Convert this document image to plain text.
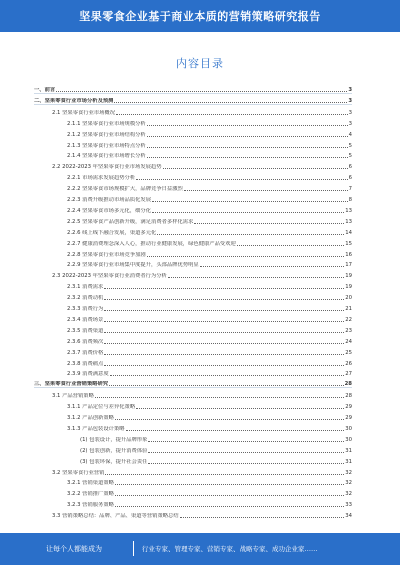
坚果零食企业基于商业本质的营销策略研究报告
内容目录
一、前言	3
二、坚果零食行业市场分析及预测	3
2.1 坚果零食行业市场概况	3
2.1.1 坚果零食行业市场规模分析	3
2.1.2 坚果零食行业市场结构分析	4
2.1.3 坚果零食行业市场特点分析	5
2.1.4 坚果零食行业市场增长分析	5
2.2 2022-2023 年坚果零食行业市场发展趋势	6
2.2.1 市场需求发展趋势分析	6
2.2.2 坚果零食市场规模扩大，品牌竞争日益激烈	7
2.2.3 消费升级推动市场品质化发展	8
2.2.4 坚果零食市场多元化，细分化	13
2.2.5 坚果零食产品创新升级，满足消费者多样化需求	13
2.2.6 线上线下融合发展，渠道多元化	14
2.2.7 健康消费理念深入人心，推动行业健康发展，绿色健康产品受欢迎	15
2.2.8 坚果零食行业市场竞争加剧	16
2.2.9 坚果零食行业市场集中度提升，头部品牌优势明显	17
2.3 2022-2023 年坚果零食行业消费者行为分析	19
2.3.1 消费需求	19
2.3.2 消费动机	20
2.3.3 消费行为	21
2.3.4 消费场景	22
2.3.5 消费渠道	23
2.3.6 消费频次	24
2.3.7 消费价格	25
2.3.8 消费痛点	26
2.3.9 消费满意度	27
三、坚果零食行业营销策略研究	28
3.1 产品营销策略	28
3.1.1 产品定位与差异化策略	29
3.1.2 产品创新策略	29
3.1.3 产品包装设计策略	30
(1) 包装设计，提升品牌形象	30
(2) 包装创新，提升消费体验	31
(3) 包装环保，提升社会责任	31
3.2 坚果零食行业营销	32
3.2.1 营销渠道策略	32
3.2.2 营销推广策略	32
3.2.3 营销服务策略	33
3.3 营销策略总结：品牌、产品、渠道等营销策略总结	34
让每个人都能成为	行业专家、管理专家、营销专家、战略专家、成功企业家……
